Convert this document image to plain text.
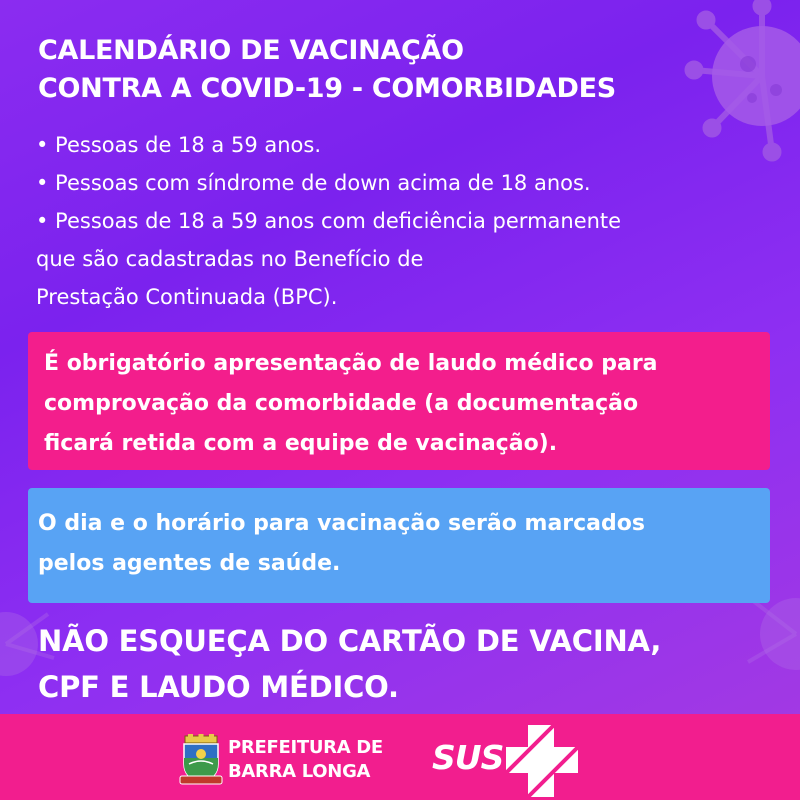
CALENDÁRIO DE VACINAÇÃO
CONTRA A COVID-19 - COMORBIDADES
• Pessoas de 18 a 59 anos.
• Pessoas com síndrome de down acima de 18 anos.
• Pessoas de 18 a 59 anos com deficiência permanente
que são cadastradas no Benefício de
Prestação Continuada (BPC).
É obrigatório apresentação de laudo médico para
comprovação da comorbidade (a documentação
ficará retida com a equipe de vacinação).
O dia e o horário para vacinação serão marcados
pelos agentes de saúde.
NÃO ESQUEÇA DO CARTÃO DE VACINA,
CPF E LAUDO MÉDICO.
PREFEITURA DE
BARRA LONGA	SUS
